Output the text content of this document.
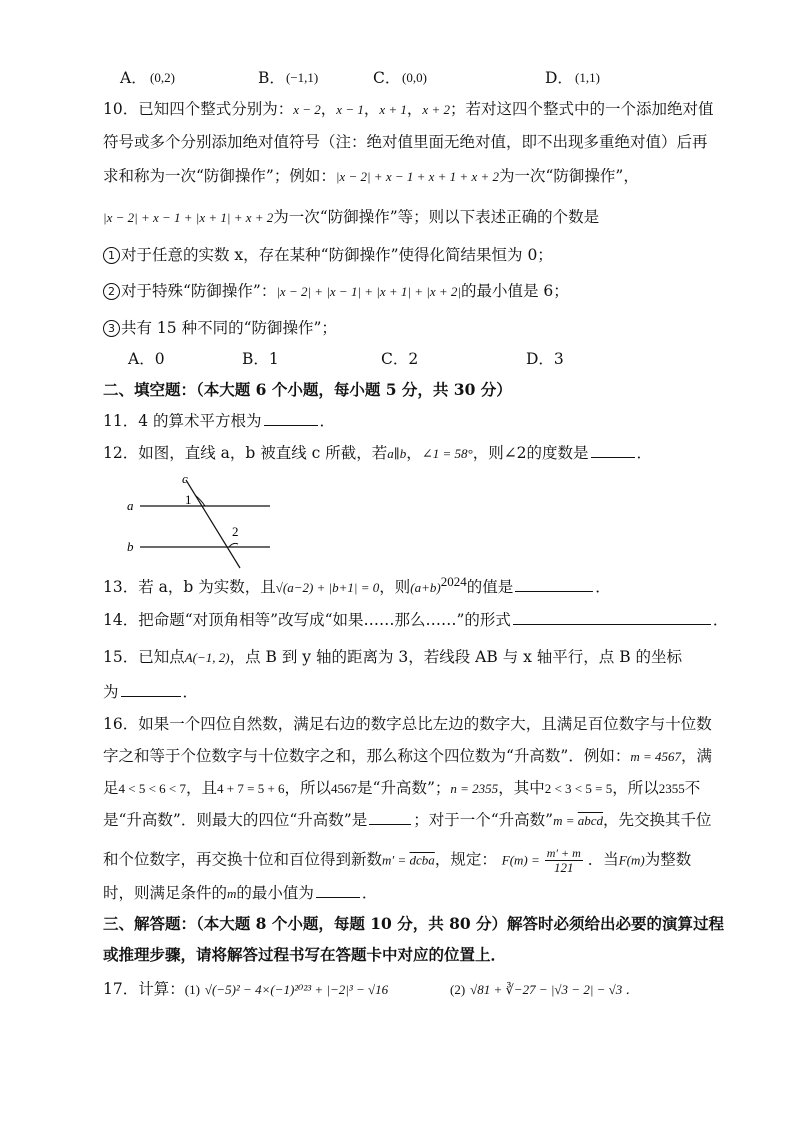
A． (0,2)	B． (−1,1)	C． (0,0)	D． (1,1)
10．已知四个整式分别为：x − 2，x − 1，x + 1，x + 2；若对这四个整式中的一个添加绝对值
符号或多个分别添加绝对值符号（注：绝对值里面无绝对值，即不出现多重绝对值）后再
求和称为一次“防御操作”；例如：|x − 2| + x − 1 + x + 1 + x + 2为一次“防御操作”，
|x − 2| + x − 1 + |x + 1| + x + 2为一次“防御操作”等；则以下表述正确的个数是
1 对于任意的实数 x，存在某种“防御操作”使得化简结果恒为 0；
2 对于特殊“防御操作”：|x − 2| + |x − 1| + |x + 1| + |x + 2|的最小值是 6；
3 共有 15 种不同的“防御操作”；
A．0	B．1	C．2	D．3
二、填空题：（本大题 6 个小题，每小题 5 分，共 30 分）
11．4 的算术平方根为	．
12．如图，直线 a，b 被直线 c 所截，若a∥b，∠1 = 58°，则∠2的度数是	．
c
a
b
1
2
13．若 a，b 为实数，且√(a−2) + |b+1| = 0，则$(a+b)^{2024}$的值是	．
14．把命题“对顶角相等”改写成“如果……那么……”的形式	．
15．已知点A(−1, 2)，点 B 到 y 轴的距离为 3，若线段 AB 与 x 轴平行，点 B 的坐标
为	．
16．如果一个四位自然数，满足右边的数字总比左边的数字大，且满足百位数字与十位数
字之和等于个位数字与十位数字之和，那么称这个四位数为“升高数”．例如：m = 4567，满
足4 < 5 < 6 < 7，且4 + 7 = 5 + 6，所以4567是“升高数”；n = 2355，其中2 < 3 < 5 = 5，所以2355不
是“升高数”．则最大的四位“升高数”是	；对于一个“升高数”m = abcd，先交换其千位
和个位数字，再交换十位和百位得到新数m′ = dcba，规定： $F(m) = \frac{m' + m}{121}$ ．当F(m)为整数
时，则满足条件的m的最小值为	．
三、解答题：（本大题 8 个小题，每题 10 分，共 80 分）解答时必须给出必要的演算过程
或推理步骤，请将解答过程书写在答题卡中对应的位置上．
17．计算：(1) √(−5)² − 4×(−1)²⁰²³ + |−2|³ − √16	(2) √81 + ∛−27 − |√3 − 2| − √3 ．
